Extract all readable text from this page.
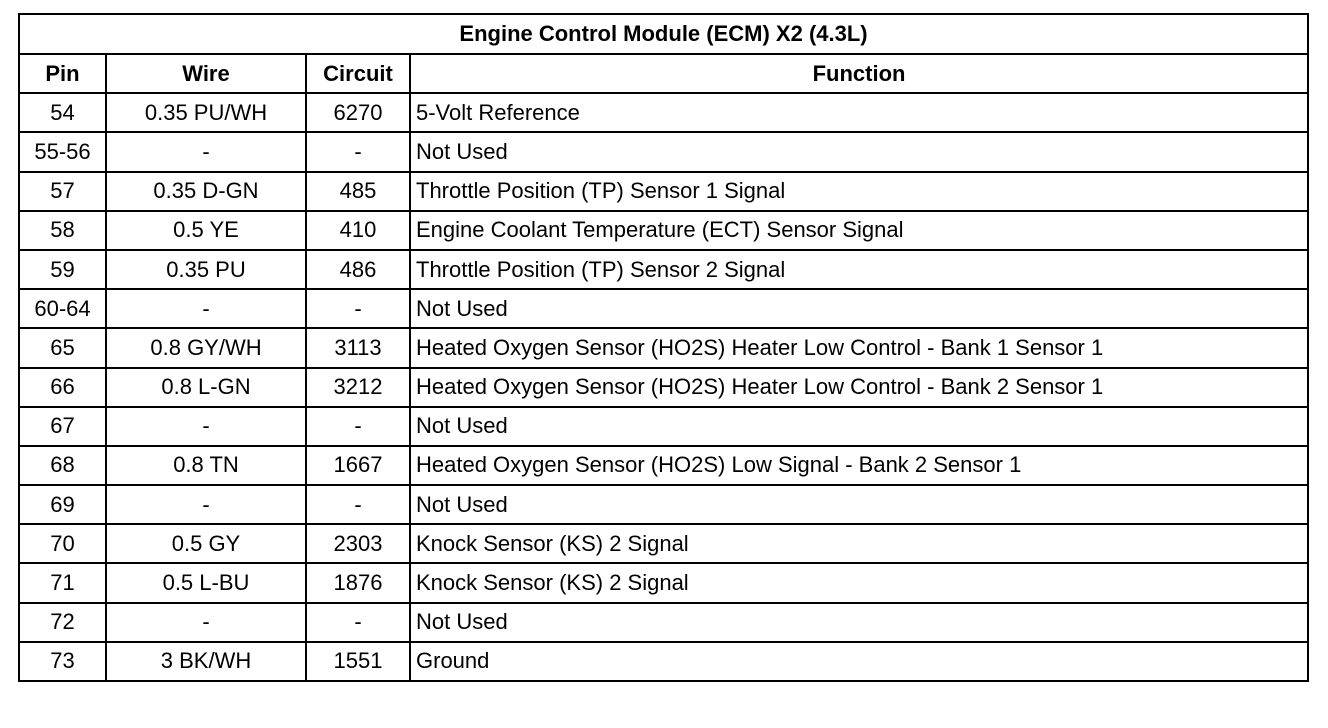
Engine Control Module (ECM) X2 (4.3L)			
Pin	Wire	Circuit	Function
54	0.35 PU/WH	6270	5-Volt Reference
55-56	-	-	Not Used
57	0.35 D-GN	485	Throttle Position (TP) Sensor 1 Signal
58	0.5 YE	410	Engine Coolant Temperature (ECT) Sensor Signal
59	0.35 PU	486	Throttle Position (TP) Sensor 2 Signal
60-64	-	-	Not Used
65	0.8 GY/WH	3113	Heated Oxygen Sensor (HO2S) Heater Low Control - Bank 1 Sensor 1
66	0.8 L-GN	3212	Heated Oxygen Sensor (HO2S) Heater Low Control - Bank 2 Sensor 1
67	-	-	Not Used
68	0.8 TN	1667	Heated Oxygen Sensor (HO2S) Low Signal - Bank 2 Sensor 1
69	-	-	Not Used
70	0.5 GY	2303	Knock Sensor (KS) 2 Signal
71	0.5 L-BU	1876	Knock Sensor (KS) 2 Signal
72	-	-	Not Used
73	3 BK/WH	1551	Ground
